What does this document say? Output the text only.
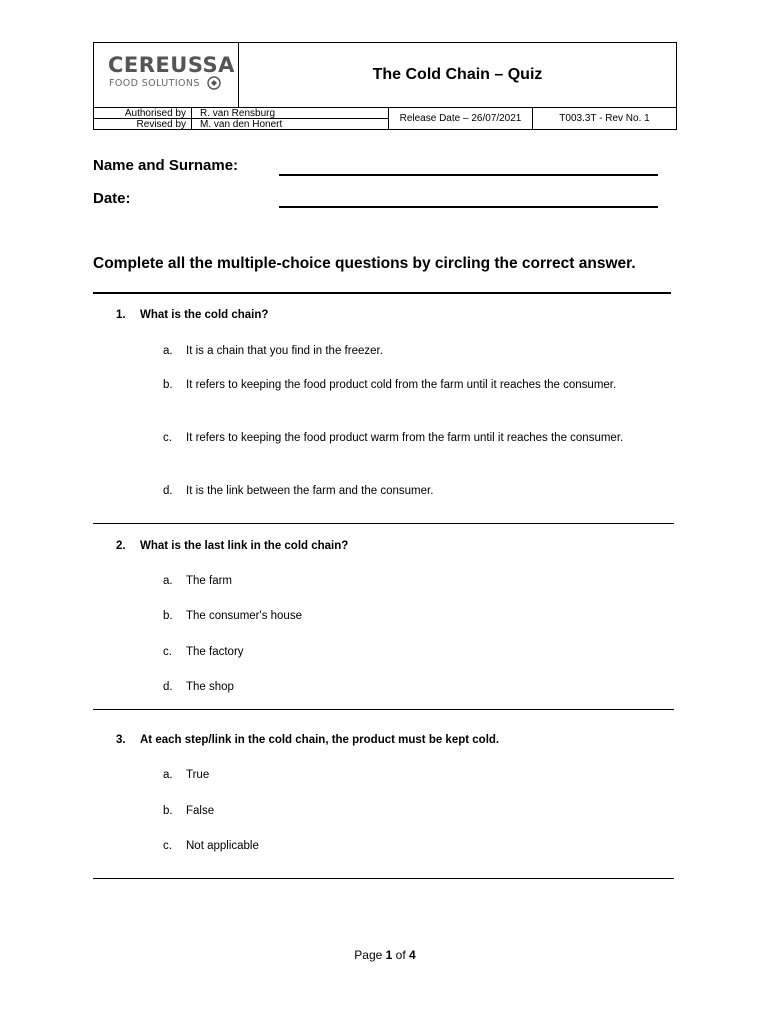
CEREUSSA
FOOD SOLUTIONS
The Cold Chain – Quiz
Authorised by
Revised by
R. van Rensburg
M. van den Honert
Release Date – 26/07/2021	T003.3T - Rev No. 1
Name and Surname:
Date:
Complete all the multiple-choice questions by circling the correct answer.
1. What is the cold chain?
a. It is a chain that you find in the freezer.
b. It refers to keeping the food product cold from the farm until it reaches the consumer.
c. It refers to keeping the food product warm from the farm until it reaches the consumer.
d. It is the link between the farm and the consumer.
2. What is the last link in the cold chain?
a. The farm
b. The consumer's house
c. The factory
d. The shop
3. At each step/link in the cold chain, the product must be kept cold.
a. True
b. False
c. Not applicable
Page 1 of 4
